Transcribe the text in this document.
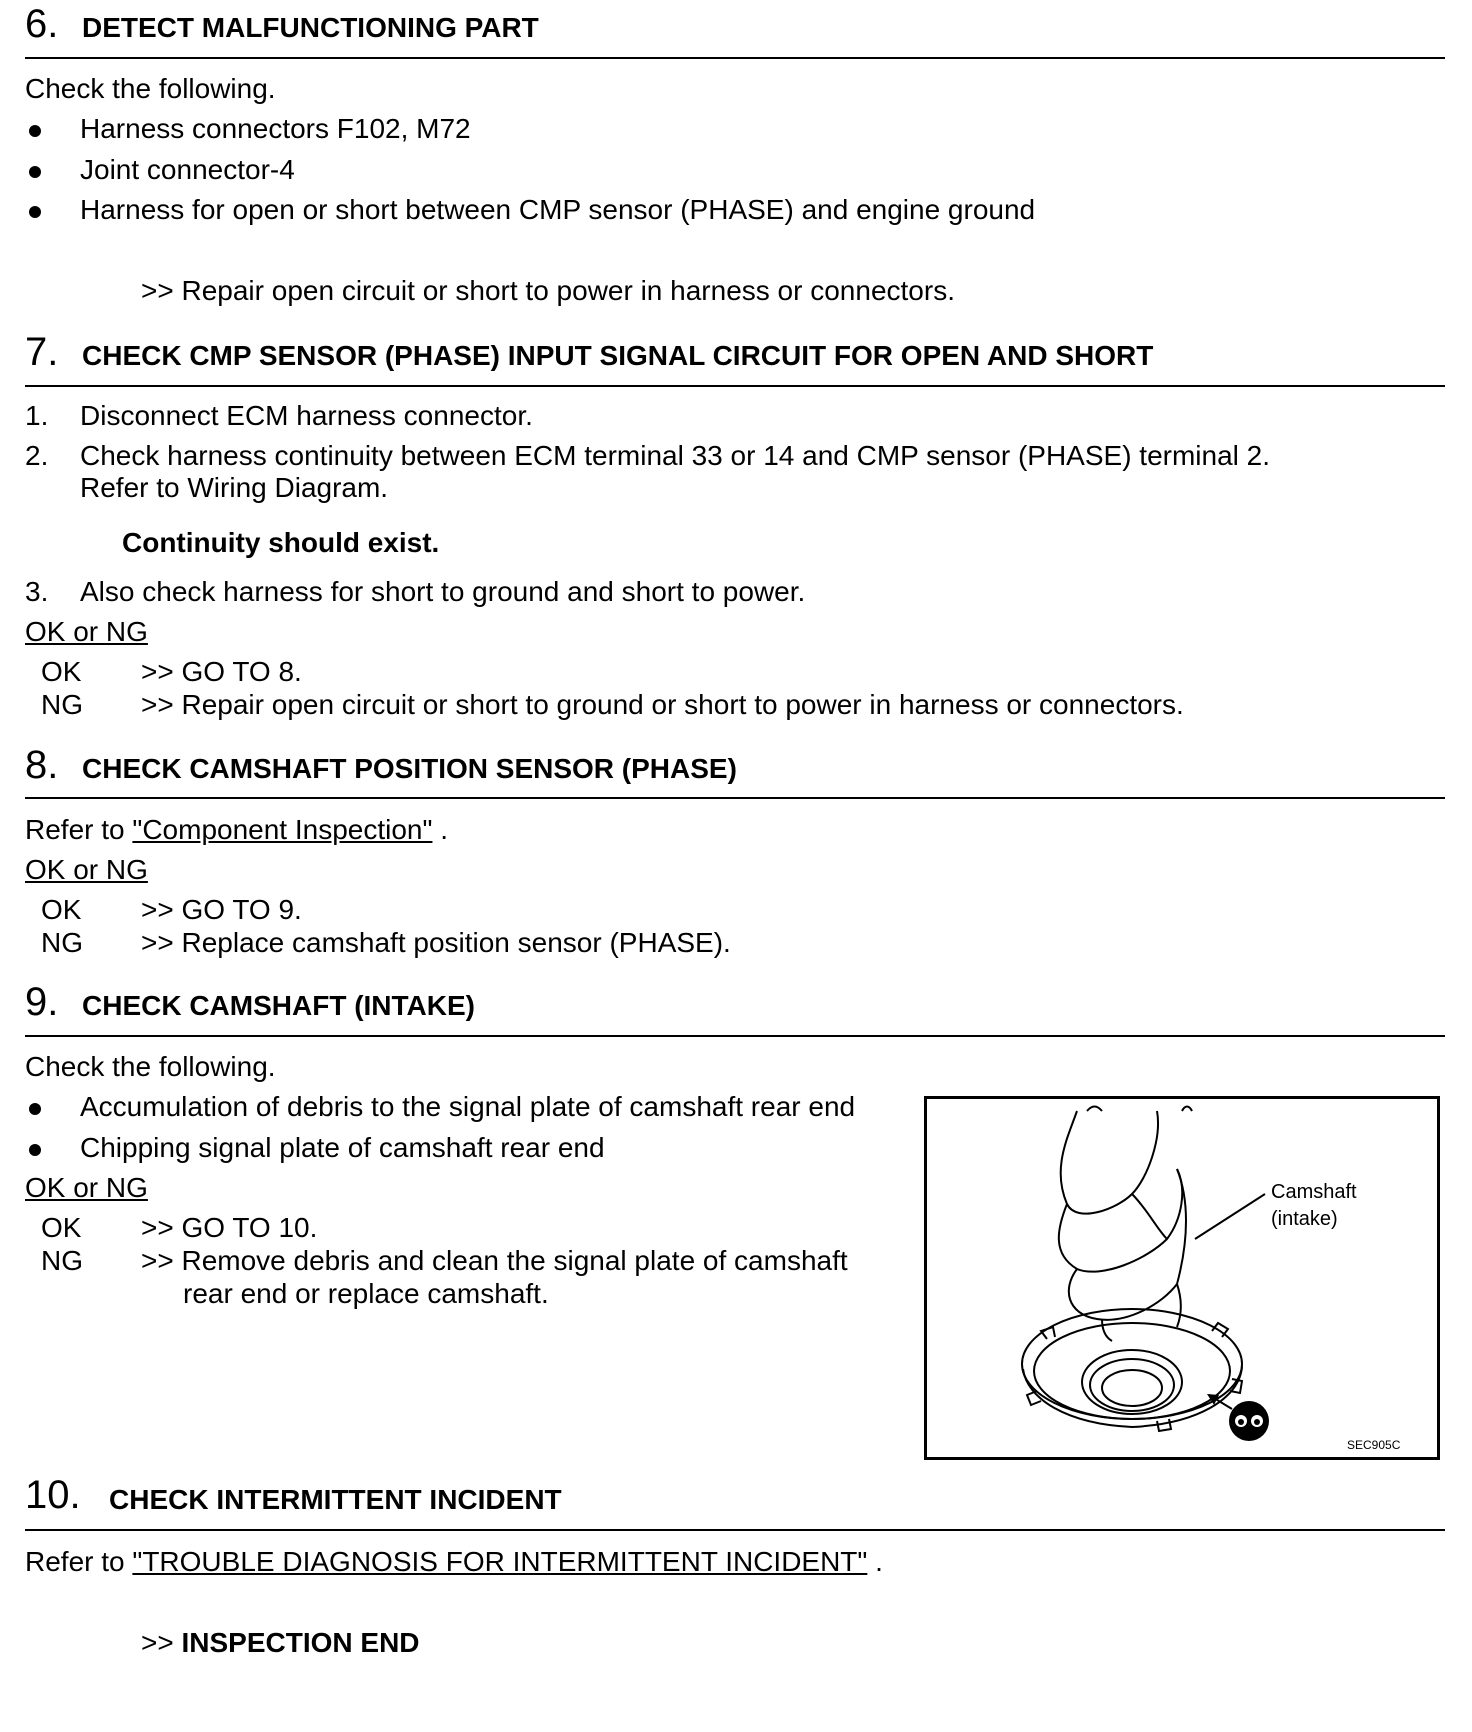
6. DETECT MALFUNCTIONING PART
Check the following.
Harness connectors F102, M72
Joint connector-4
Harness for open or short between CMP sensor (PHASE) and engine ground
>> Repair open circuit or short to power in harness or connectors.
7. CHECK CMP SENSOR (PHASE) INPUT SIGNAL CIRCUIT FOR OPEN AND SHORT
1. Disconnect ECM harness connector.
2. Check harness continuity between ECM terminal 33 or 14 and CMP sensor (PHASE) terminal 2.
Refer to Wiring Diagram.
Continuity should exist.
3. Also check harness for short to ground and short to power.
OK or NG
OK >> GO TO 8.
NG >> Repair open circuit or short to ground or short to power in harness or connectors.
8. CHECK CAMSHAFT POSITION SENSOR (PHASE)
Refer to "Component Inspection" .
OK or NG
OK >> GO TO 9.
NG >> Replace camshaft position sensor (PHASE).
9. CHECK CAMSHAFT (INTAKE)
Check the following.
Accumulation of debris to the signal plate of camshaft rear end
Chipping signal plate of camshaft rear end
OK or NG
OK >> GO TO 10.
NG >> Remove debris and clean the signal plate of camshaft
rear end or replace camshaft.
Camshaft
(intake)
SEC905C
10. CHECK INTERMITTENT INCIDENT
Refer to "TROUBLE DIAGNOSIS FOR INTERMITTENT INCIDENT" .
>> INSPECTION END
